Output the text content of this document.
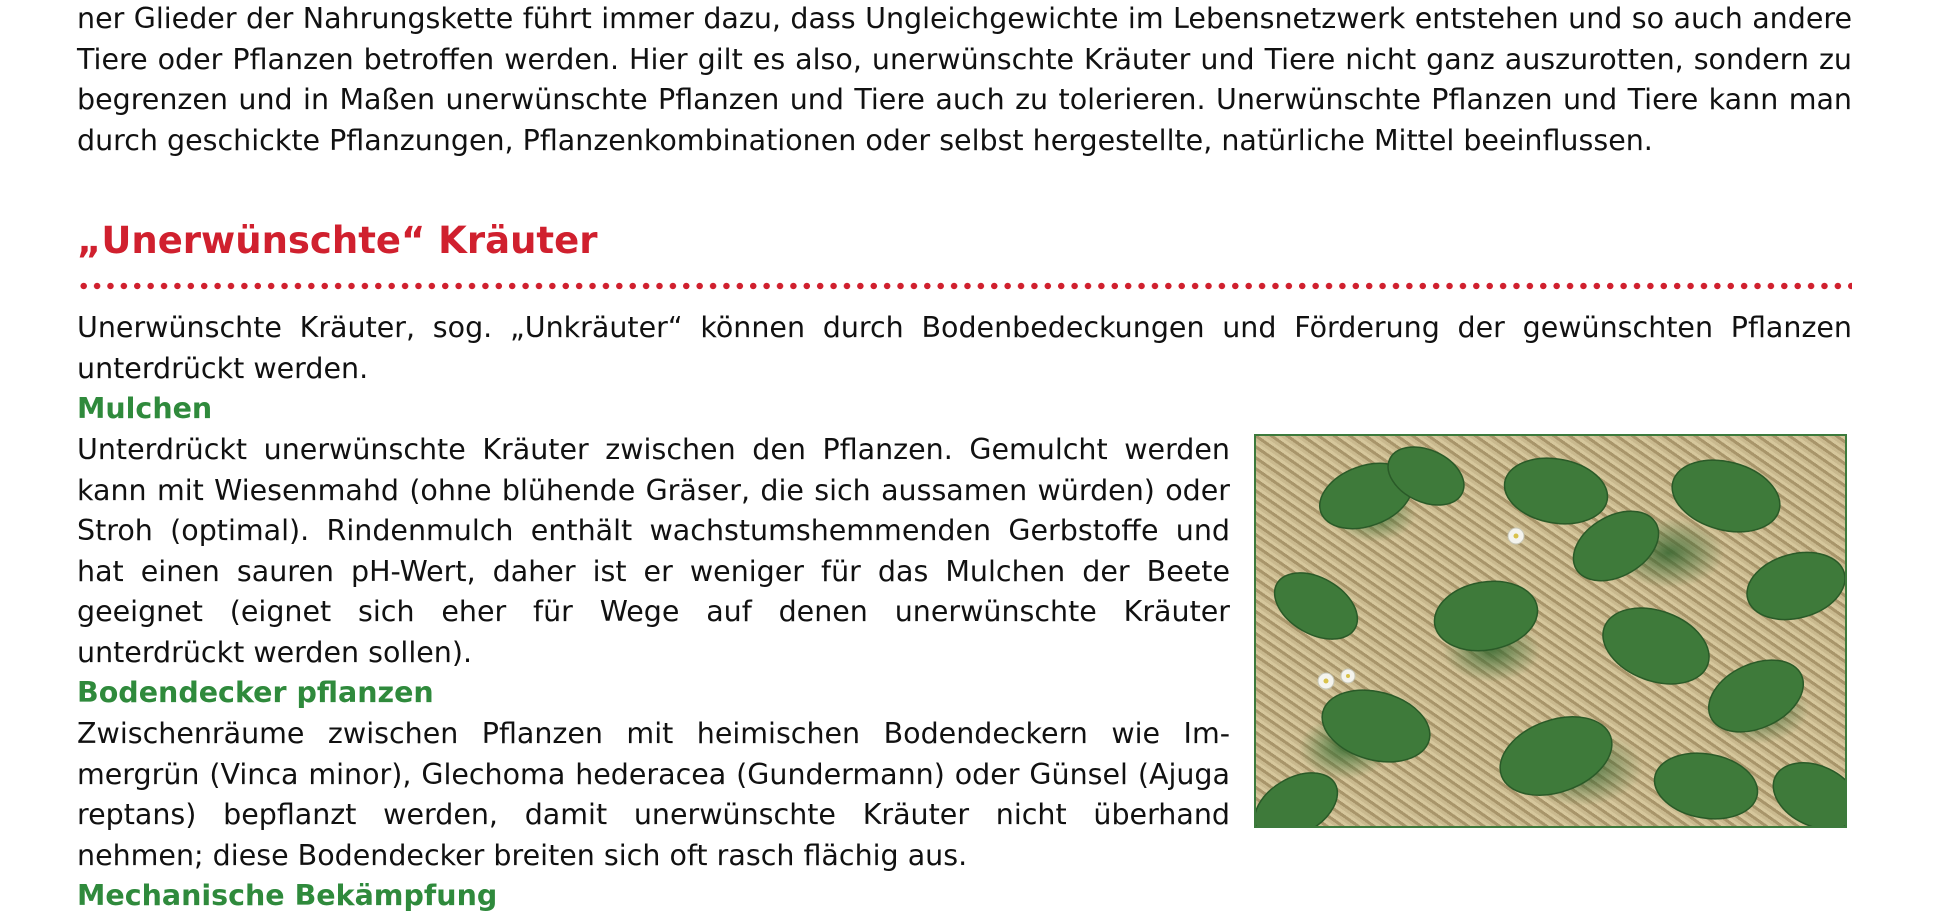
ner Glieder der Nahrungskette führt immer dazu, dass Ungleichgewichte im Lebensnetzwerk entstehen und so auch andere Tiere oder Pflanzen betroffen werden. Hier gilt es also, unerwünschte Kräuter und Tiere nicht ganz auszurotten, sondern zu begrenzen und in Maßen unerwünschte Pflanzen und Tiere auch zu tolerieren. Unerwünschte Pflanzen und Tiere kann man durch geschickte Pflanzungen, Pflanzenkombinationen oder selbst hergestellte, natürliche Mittel beeinflussen.

„Unerwünschte“ Kräuter

Unerwünschte Kräuter, sog. „Unkräuter“ können durch Bodenbedeckungen und Förderung der gewünschten Pflanzen unterdrückt werden.

Mulchen

Unterdrückt unerwünschte Kräuter zwischen den Pflanzen. Gemulcht werden kann mit Wiesenmahd (ohne blühende Gräser, die sich aussamen würden) oder Stroh (optimal). Rindenmulch enthält wachstumshemmenden Gerbstoffe und hat einen sauren pH-Wert, daher ist er weniger für das Mulchen der Beete geeignet (eignet sich eher für Wege auf denen unerwünschte Kräuter unterdrückt werden sollen).

Bodendecker pflanzen

Zwischenräume zwischen Pflanzen mit heimischen Bodendeckern wie Immergrün (Vinca minor), Glechoma hederacea (Gundermann) oder Günsel (Ajuga reptans) bepflanzt werden, damit unerwünschte Kräuter nicht überhand nehmen; diese Bodendecker breiten sich oft rasch flächig aus.

Mechanische Bekämpfung
